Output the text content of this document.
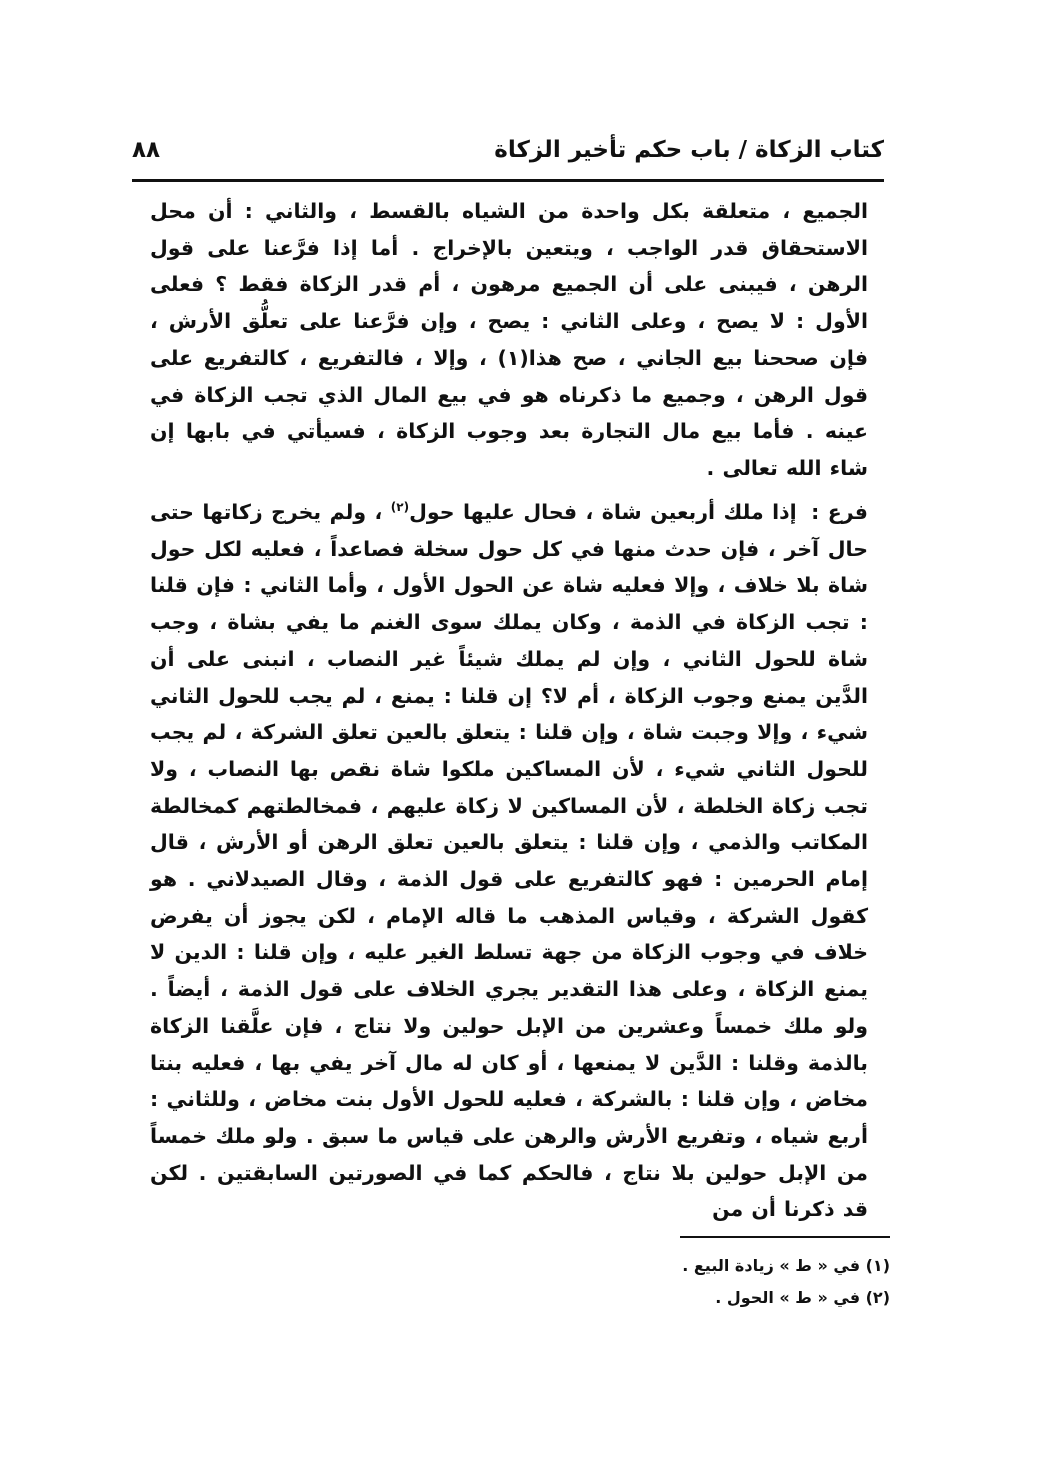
كتاب الزكاة / باب حكم تأخير الزكاة
٨٨
الجميع ، متعلقة بكل واحدة من الشياه بالقسط ، والثاني : أن محل الاستحقاق قدر الواجب ، ويتعين بالإخراج . أما إذا فرَّعنا على قول الرهن ، فيبنى على أن الجميع مرهون ، أم قدر الزكاة فقط ؟ فعلى الأول : لا يصح ، وعلى الثاني : يصح ، وإن فرَّعنا على تعلُّق الأرش ، فإن صححنا بيع الجاني ، صح هذا(١) ، وإلا ، فالتفريع ، كالتفريع على قول الرهن ، وجميع ما ذكرناه هو في بيع المال الذي تجب الزكاة في عينه . فأما بيع مال التجارة بعد وجوب الزكاة ، فسيأتي في بابها إن شاء الله تعالى .
فرع : إذا ملك أربعين شاة ، فحال عليها حول$^{(٢)}$ ، ولم يخرج زكاتها حتى حال آخر ، فإن حدث منها في كل حول سخلة فصاعداً ، فعليه لكل حول شاة بلا خلاف ، وإلا فعليه شاة عن الحول الأول ، وأما الثاني : فإن قلنا : تجب الزكاة في الذمة ، وكان يملك سوى الغنم ما يفي بشاة ، وجب شاة للحول الثاني ، وإن لم يملك شيئاً غير النصاب ، انبنى على أن الدَّين يمنع وجوب الزكاة ، أم لا؟ إن قلنا : يمنع ، لم يجب للحول الثاني شيء ، وإلا وجبت شاة ، وإن قلنا : يتعلق بالعين تعلق الشركة ، لم يجب للحول الثاني شيء ، لأن المساكين ملكوا شاة نقص بها النصاب ، ولا تجب زكاة الخلطة ، لأن المساكين لا زكاة عليهم ، فمخالطتهم كمخالطة المكاتب والذمي ، وإن قلنا : يتعلق بالعين تعلق الرهن أو الأرش ، قال إمام الحرمين : فهو كالتفريع على قول الذمة ، وقال الصيدلاني . هو كقول الشركة ، وقياس المذهب ما قاله الإمام ، لكن يجوز أن يفرض خلاف في وجوب الزكاة من جهة تسلط الغير عليه ، وإن قلنا : الدين لا يمنع الزكاة ، وعلى هذا التقدير يجري الخلاف على قول الذمة ، أيضاً . ولو ملك خمساً وعشرين من الإبل حولين ولا نتاج ، فإن علَّقنا الزكاة بالذمة وقلنا : الدَّين لا يمنعها ، أو كان له مال آخر يفي بها ، فعليه بنتا مخاض ، وإن قلنا : بالشركة ، فعليه للحول الأول بنت مخاض ، وللثاني : أربع شياه ، وتفريع الأرش والرهن على قياس ما سبق . ولو ملك خمساً من الإبل حولين بلا نتاج ، فالحكم كما في الصورتين السابقتين . لكن قد ذكرنا أن من
(١) في « ط » زيادة البيع .
(٢) في « ط » الحول .
